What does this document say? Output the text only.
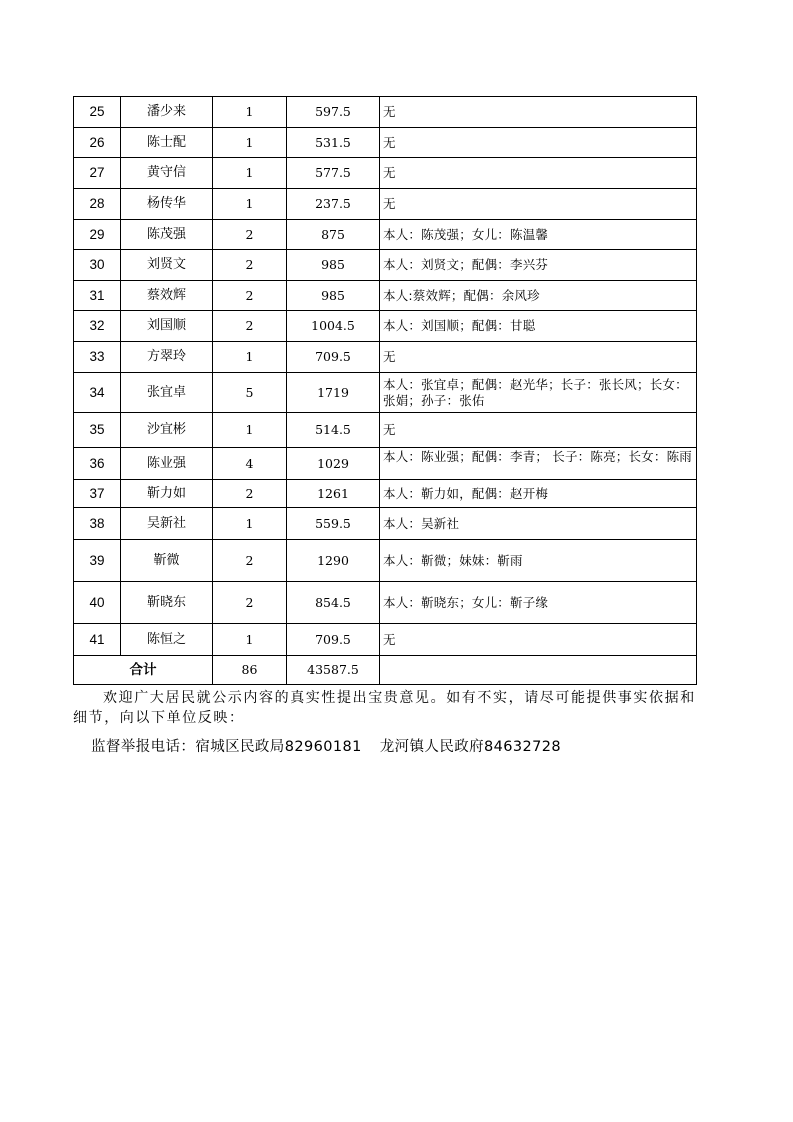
25	潘少来	1	597.5	无
26	陈士配	1	531.5	无
27	黄守信	1	577.5	无
28	杨传华	1	237.5	无
29	陈茂强	2	875	本人：陈茂强；女儿：陈温馨
30	刘贤文	2	985	本人：刘贤文；配偶：李兴芬
31	蔡效辉	2	985	本人:蔡效辉；配偶：余风珍
32	刘国顺	2	1004.5	本人：刘国顺；配偶：甘聪
33	方翠玲	1	709.5	无
34	张宜卓	5	1719	本人：张宜卓；配偶：赵光华；长子：张长风；长女：张娟；孙子：张佑
35	沙宜彬	1	514.5	无
36	陈业强	4	1029	本人：陈业强；配偶：李青； 长子：陈亮；长女：陈雨

37	靳力如	2	1261	本人：靳力如，配偶：赵开梅
38	吴新社	1	559.5	本人：吴新社
39	靳微	2	1290	本人：靳微；妹妹：靳雨
40	靳晓东	2	854.5	本人：靳晓东；女儿：靳子缘
41	陈恒之	1	709.5	无
合计		86	43587.5	

欢迎广大居民就公示内容的真实性提出宝贵意见。如有不实，请尽可能提供事实依据和细节，向以下单位反映：

监督举报电话：宿城区民政局82960181 龙河镇人民政府84632728
